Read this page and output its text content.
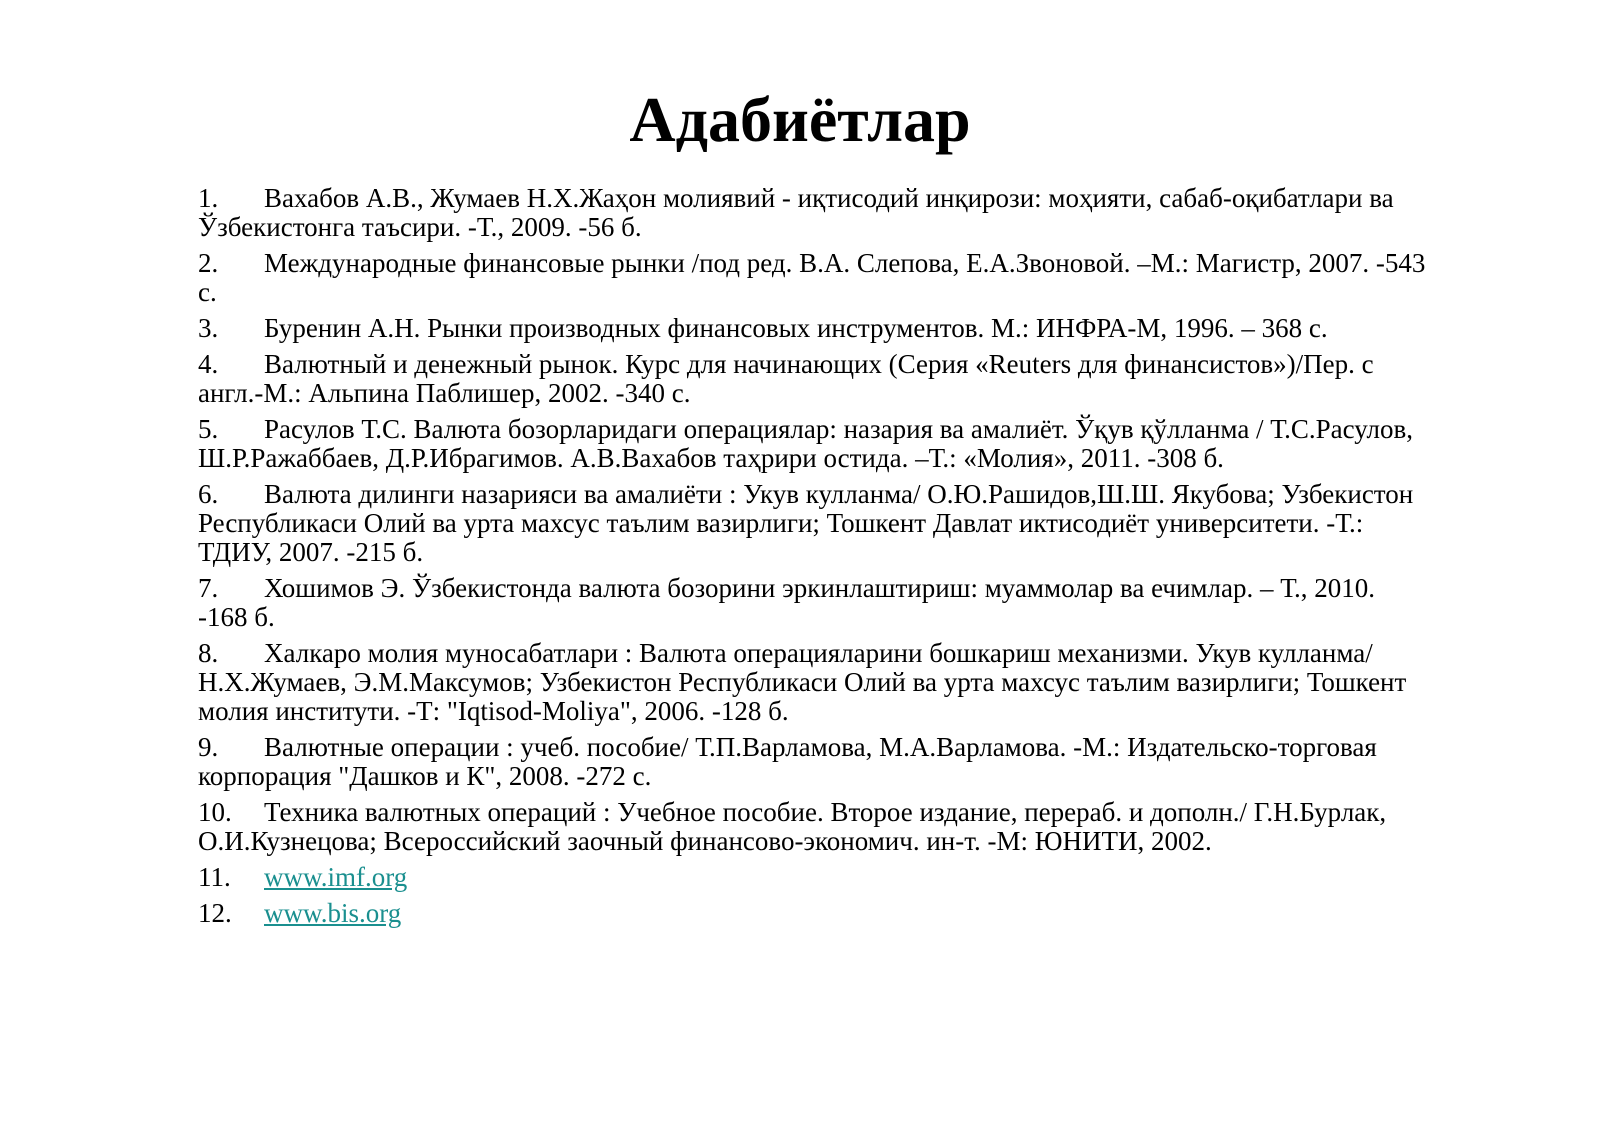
Адабиётлар
1. Вахабов А.В., Жумаев Н.Х.Жаҳон молиявий - иқтисодий инқирози: моҳияти, сабаб-оқибатлари ва Ўзбекистонга таъсири. -Т., 2009. -56 б.
2. Международные финансовые рынки /под ред. В.А. Слепова, Е.А.Звоновой. –М.: Магистр, 2007. -543 с.
3. Буренин А.Н. Рынки производных финансовых инструментов. М.: ИНФРА-М, 1996. – 368 с.
4. Валютный и денежный рынок. Курс для начинающих (Серия «Reuters для финансистов»)/Пер. с англ.-М.: Альпина Паблишер, 2002. -340 с.
5. Расулов Т.С. Валюта бозорларидаги операциялар: назария ва амалиёт. Ўқув қўлланма / Т.С.Расулов, Ш.Р.Ражаббаев, Д.Р.Ибрагимов. А.В.Вахабов таҳрири остида. –Т.: «Молия», 2011. -308 б.
6. Валюта дилинги назарияси ва амалиёти : Укув кулланма/ О.Ю.Рашидов,Ш.Ш. Якубова; Узбекистон Республикаси Олий ва урта махсус таълим вазирлиги; Тошкент Давлат иктисодиёт университети. -Т.: ТДИУ, 2007. -215 б.
7. Хошимов Э. Ўзбекистонда валюта бозорини эркинлаштириш: муаммолар ва ечимлар. – Т., 2010. -168 б.
8. Халкаро молия муносабатлари : Валюта операцияларини бошкариш механизми. Укув кулланма/ Н.Х.Жумаев, Э.М.Максумов; Узбекистон Республикаси Олий ва урта махсус таълим вазирлиги; Тошкент молия институти. -Т: "Iqtisod-Moliya", 2006. -128 б.
9. Валютные операции : учеб. пособие/ Т.П.Варламова, М.А.Варламова. -М.: Издательско-торговая корпорация "Дашков и К", 2008. -272 с.
10. Техника валютных операций : Учебное пособие. Второе издание, перераб. и дополн./ Г.Н.Бурлак, О.И.Кузнецова; Всероссийский заочный финансово-экономич. ин-т. -М: ЮНИТИ, 2002.
11. www.imf.org
12. www.bis.org
